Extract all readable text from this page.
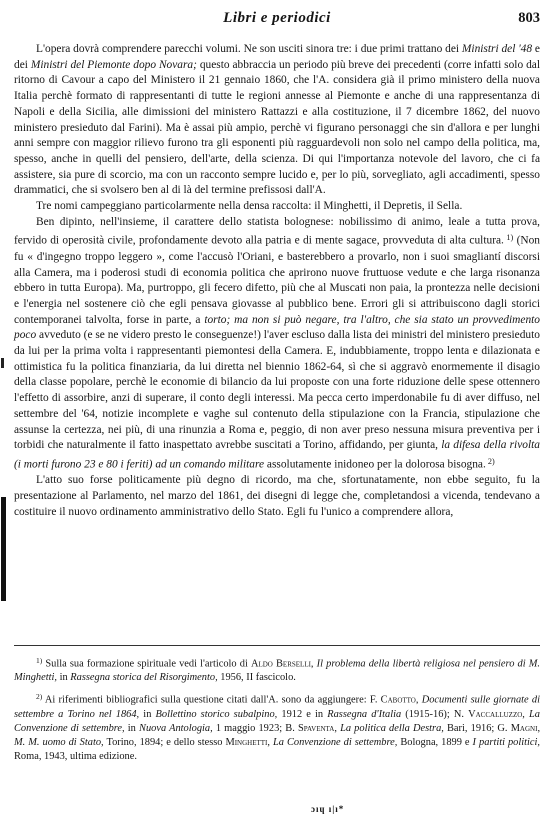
Libri e periodici	803

L'opera dovrà comprendere parecchi volumi. Ne son usciti sinora tre: i due primi trattano dei Ministri del '48 e dei Ministri del Piemonte dopo Novara; questo abbraccia un periodo più breve dei precedenti (corre infatti solo dal ritorno di Cavour a capo del Ministero il 21 gennaio 1860, che l'A. considera già il primo ministero della nuova Italia perchè formato di rappresentanti di tutte le regioni annesse al Piemonte e anche di una rappresentanza di Napoli e della Sicilia, alle dimissioni del ministero Rattazzi e alla costituzione, il 7 dicembre 1862, del nuovo ministero presieduto dal Farini). Ma è assai più ampio, perchè vi figurano personaggi che sin d'allora e per lunghi anni sempre con maggior rilievo furono tra gli esponenti più ragguardevoli non solo nel campo della politica, ma, spesso, anche in quelli del pensiero, dell'arte, della scienza. Di qui l'importanza notevole del lavoro, che ci fa assistere, sia pure di scorcio, ma con un racconto sempre lucido e, per lo più, sorvegliato, agli accadimenti, spesso drammatici, che si svolsero ben al di là del termine prefissosi dall'A.

Tre nomi campeggiano particolarmente nella densa raccolta: il Minghetti, il Depretis, il Sella.

Ben dipinto, nell'insieme, il carattere dello statista bolognese: nobilissimo di animo, leale a tutta prova, fervido di operosità civile, profondamente devoto alla patria e di mente sagace, provveduta di alta cultura. $^{1)}$ (Non fu « d'ingegno troppo leggero », come l'accusò l'Oriani, e basterebbero a provarlo, non i suoi smagliantí discorsi alla Camera, ma i poderosi studi di economia politica che aprirono nuove fruttuose vedute e che larga risonanza ebbero in tutta Europa). Ma, purtroppo, gli fecero difetto, più che al Muscati non paia, la prontezza nelle decisioni e l'energia nel sostenere ciò che egli pensava giovasse al pubblico bene. Errori gli si attribuiscono dagli storici contemporanei talvolta, forse in parte, a torto; ma non si può negare, tra l'altro, che sia stato un provvedimento poco avveduto (e se ne videro presto le conseguenze!) l'aver escluso dalla lista dei ministri del ministero presieduto da lui per la prima volta i rappresentanti piemontesi della Camera. E, indubbiamente, troppo lenta e dilazionata e ottimistica fu la politica finanziaria, da lui diretta nel biennio 1862-64, sì che si aggravò enormemente il disagio della classe popolare, perchè le economie di bilancio da lui proposte con una forte riduzione delle spese ottennero l'effetto di assorbire, anzi di superare, il conto degli interessi. Ma pecca certo imperdonabile fu di aver diffuso, nel settembre del '64, notizie incomplete e vaghe sul contenuto della stipulazione con la Francia, stipulazione che assunse la certezza, nei più, di una rinunzia a Roma e, peggio, di non aver preso nessuna misura preventiva per i torbidi che naturalmente il fatto inaspettato avrebbe suscitati a Torino, affidando, per giunta, la difesa della rivolta (i morti furono 23 e 80 i feriti) ad un comando militare assolutamente inidoneo per la dolorosa bisogna. $^{2)}$

L'atto suo forse politicamente più degno di ricordo, ma che, sfortunatamente, non ebbe seguito, fu la presentazione al Parlamento, nel marzo del 1861, dei disegni di legge che, completandosi a vicenda, tendevano a costituire il nuovo ordinamento amministrativo dello Stato. Egli fu l'unico a comprendere allora,

$^{1)}$ Sulla sua formazione spirituale vedi l'articolo di Aldo Berselli, Il problema della libertà religiosa nel pensiero di M. Minghetti, in Rassegna storica del Risorgimento, 1956, II fascicolo.

$^{2)}$ Ai riferimenti bibliografici sulla questione citati dall'A. sono da aggiungere: F. Cabotto, Documenti sulle giornate di settembre a Torino nel 1864, in Bollettino storico subalpino, 1912 e in Rassegna d'Italia (1915-16); N. Vaccalluzzo, La Convenzione di settembre, in Nuova Antologia, 1 maggio 1923; B. Spaventa, La politica della Destra, Bari, 1916; G. Magni, M. M. uomo di Stato, Torino, 1894; e dello stesso Minghetti, La Convenzione di settembre, Bologna, 1899 e I partiti politici, Roma, 1943, ultima edizione.

ɔıɥ ı|ı*
